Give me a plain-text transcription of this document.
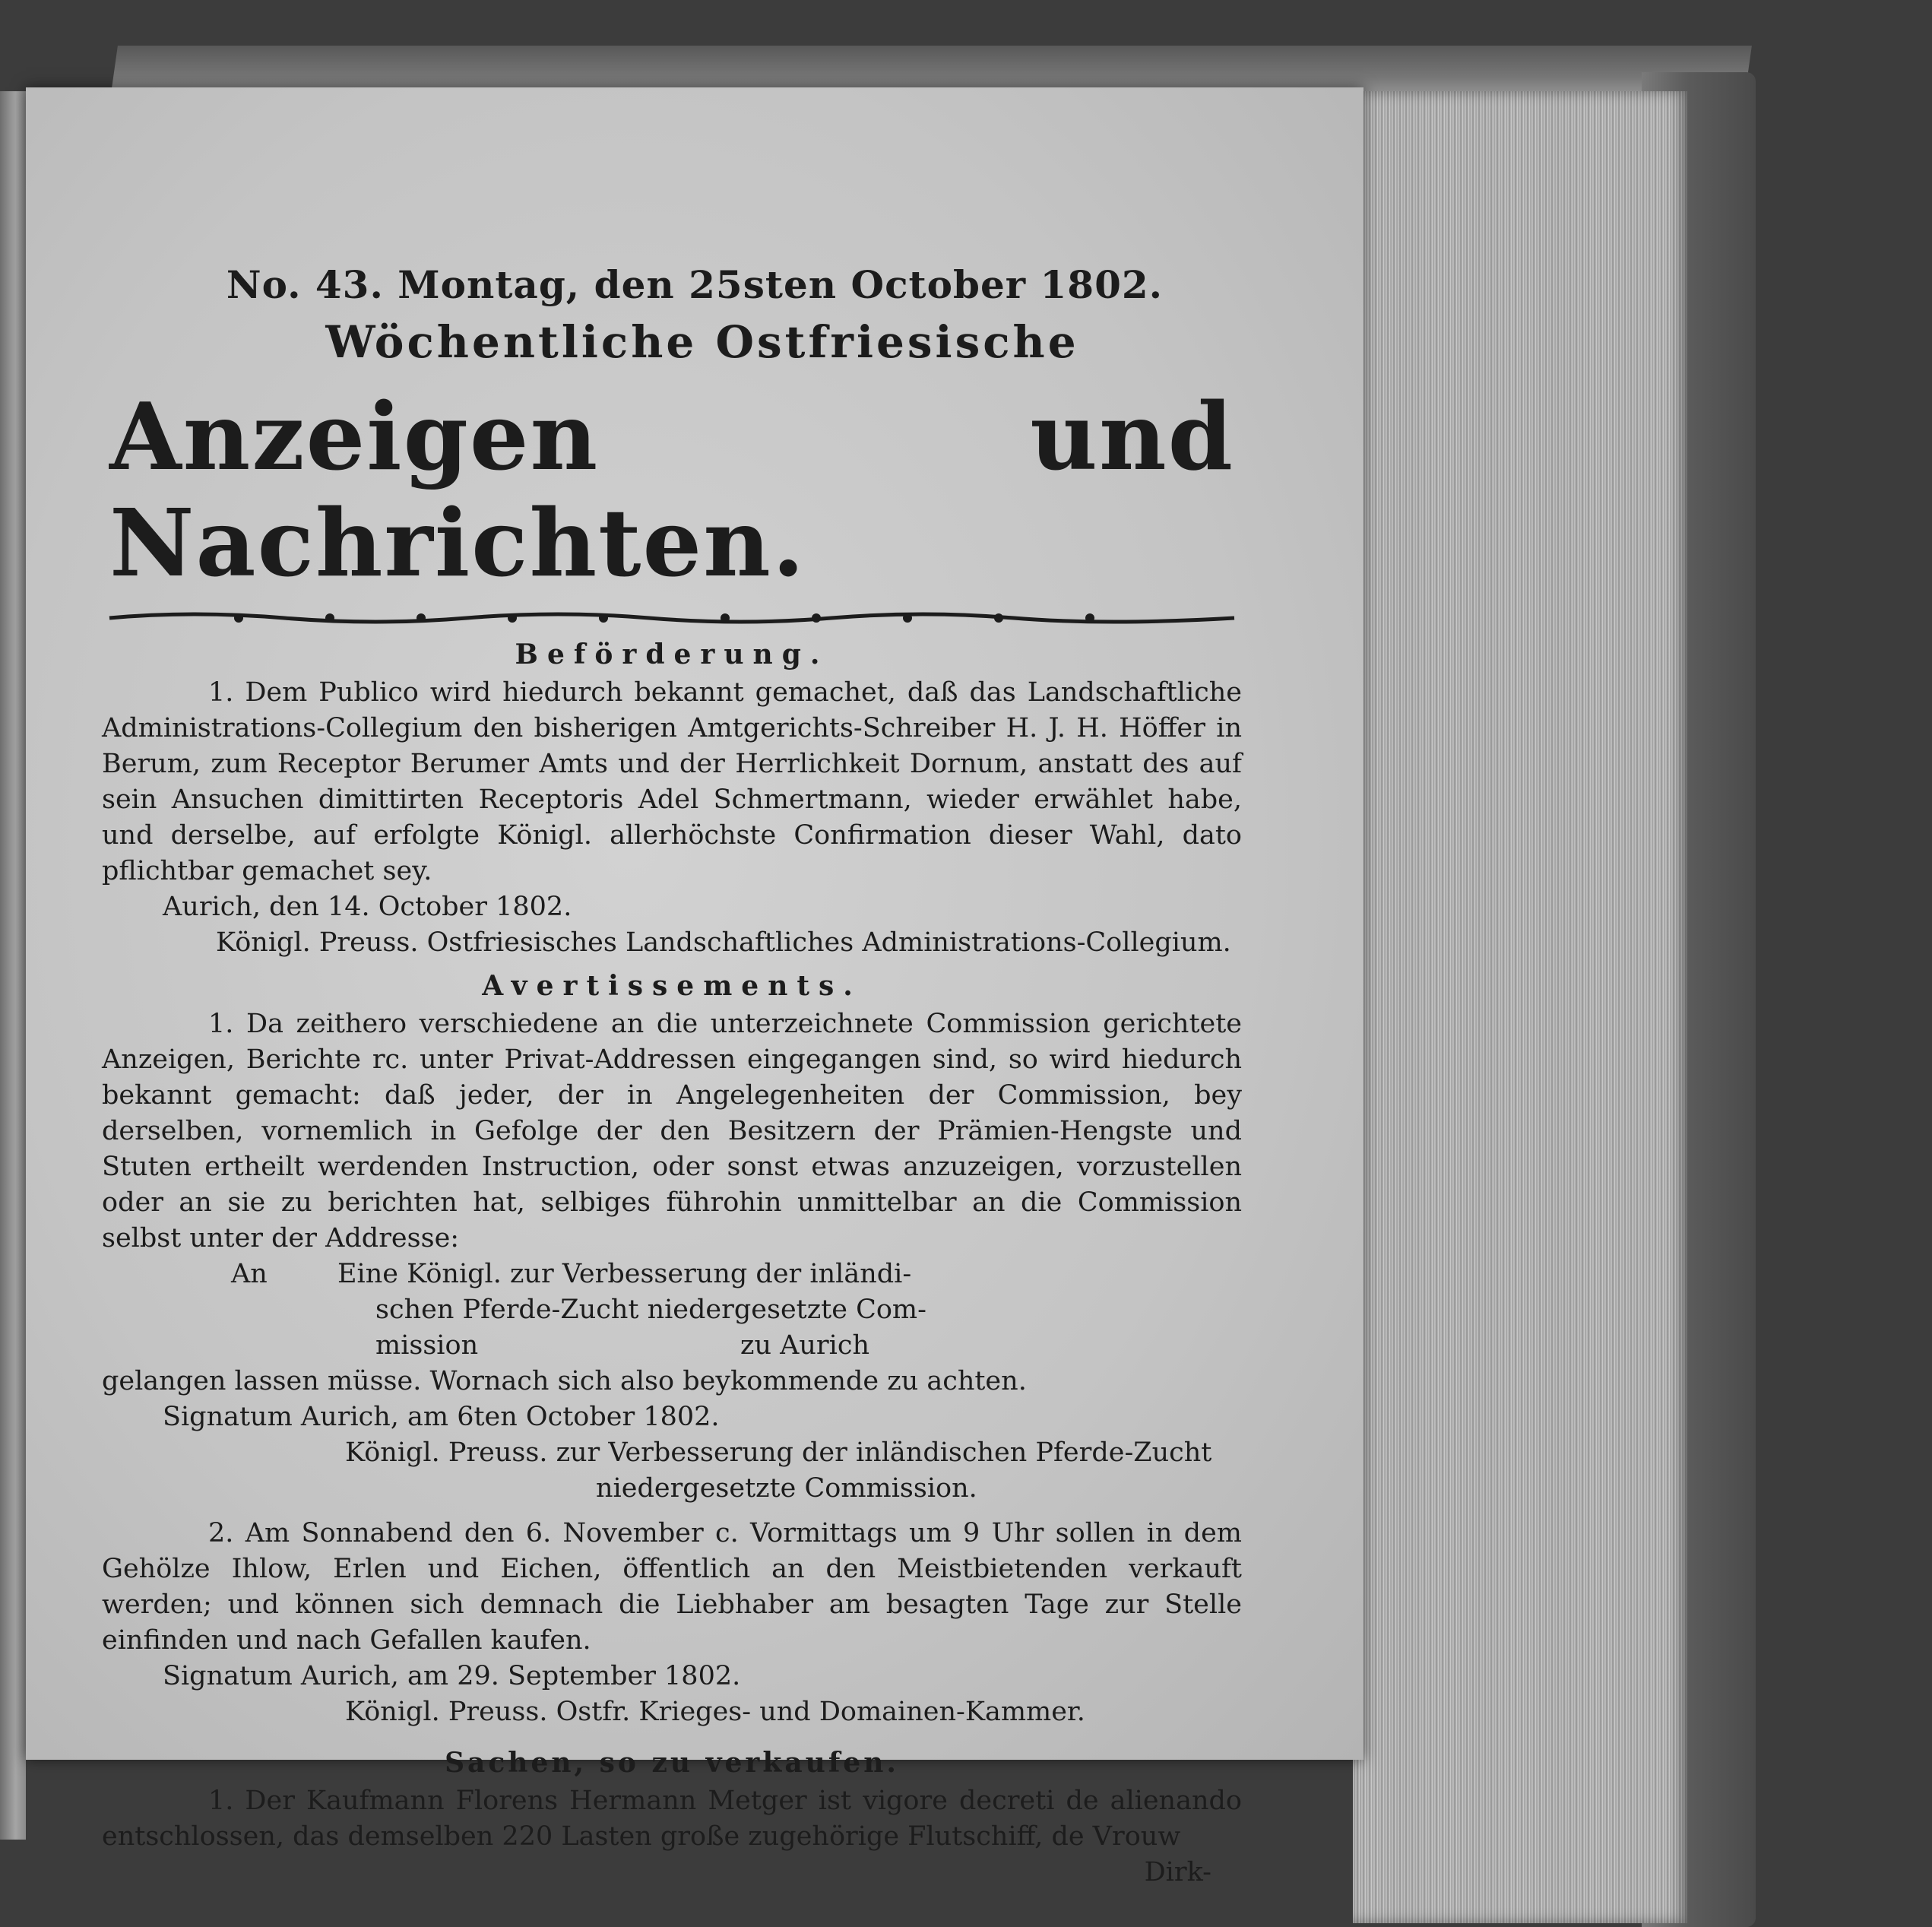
No. 43. Montag, den 25sten October 1802.
Wöchentliche Ostfriesische
Anzeigen und Nachrichten.
Beförderung.

1. Dem Publico wird hiedurch bekannt gemachet, daß das Landschaftliche Administrations-Collegium den bisherigen Amtgerichts-Schreiber H. J. H. Höffer in Berum, zum Receptor Berumer Amts und der Herrlichkeit Dornum, anstatt des auf sein Ansuchen dimittirten Receptoris Adel Schmertmann, wieder erwählet habe, und derselbe, auf erfolgte Königl. allerhöchste Confirmation dieser Wahl, dato pflichtbar gemachet sey.

Aurich, den 14. October 1802.
Königl. Preuss. Ostfriesisches Landschaftliches Administrations-Collegium.
Avertissements.

1. Da zeithero verschiedene an die unterzeichnete Commission gerichtete Anzeigen, Berichte rc. unter Privat-Addressen eingegangen sind, so wird hiedurch bekannt gemacht: daß jeder, der in Angelegenheiten der Commission, bey derselben, vornemlich in Gefolge der den Besitzern der Prämien-Hengste und Stuten ertheilt werdenden Instruction, oder sonst etwas anzuzeigen, vorzustellen oder an sie zu berichten hat, selbiges führohin unmittelbar an die Commission selbst unter der Addresse:

An	Eine Königl. zur Verbesserung der inländi-
schen Pferde-Zucht niedergesetzte Com-
mission	zu Aurich
gelangen lassen müsse. Wornach sich also beykommende zu achten.
Signatum Aurich, am 6ten October 1802.
Königl. Preuss. zur Verbesserung der inländischen Pferde-Zucht
niedergesetzte Commission.

2. Am Sonnabend den 6. November c. Vormittags um 9 Uhr sollen in dem Gehölze Ihlow, Erlen und Eichen, öffentlich an den Meistbietenden verkauft werden; und können sich demnach die Liebhaber am besagten Tage zur Stelle einfinden und nach Gefallen kaufen.

Signatum Aurich, am 29. September 1802.
Königl. Preuss. Ostfr. Krieges- und Domainen-Kammer.
Sachen, so zu verkaufen.

1. Der Kaufmann Florens Hermann Metger ist vigore decreti de alienando entschlossen, das demselben 220 Lasten große zugehörige Flutschiff, de Vrouw

Dirk-
